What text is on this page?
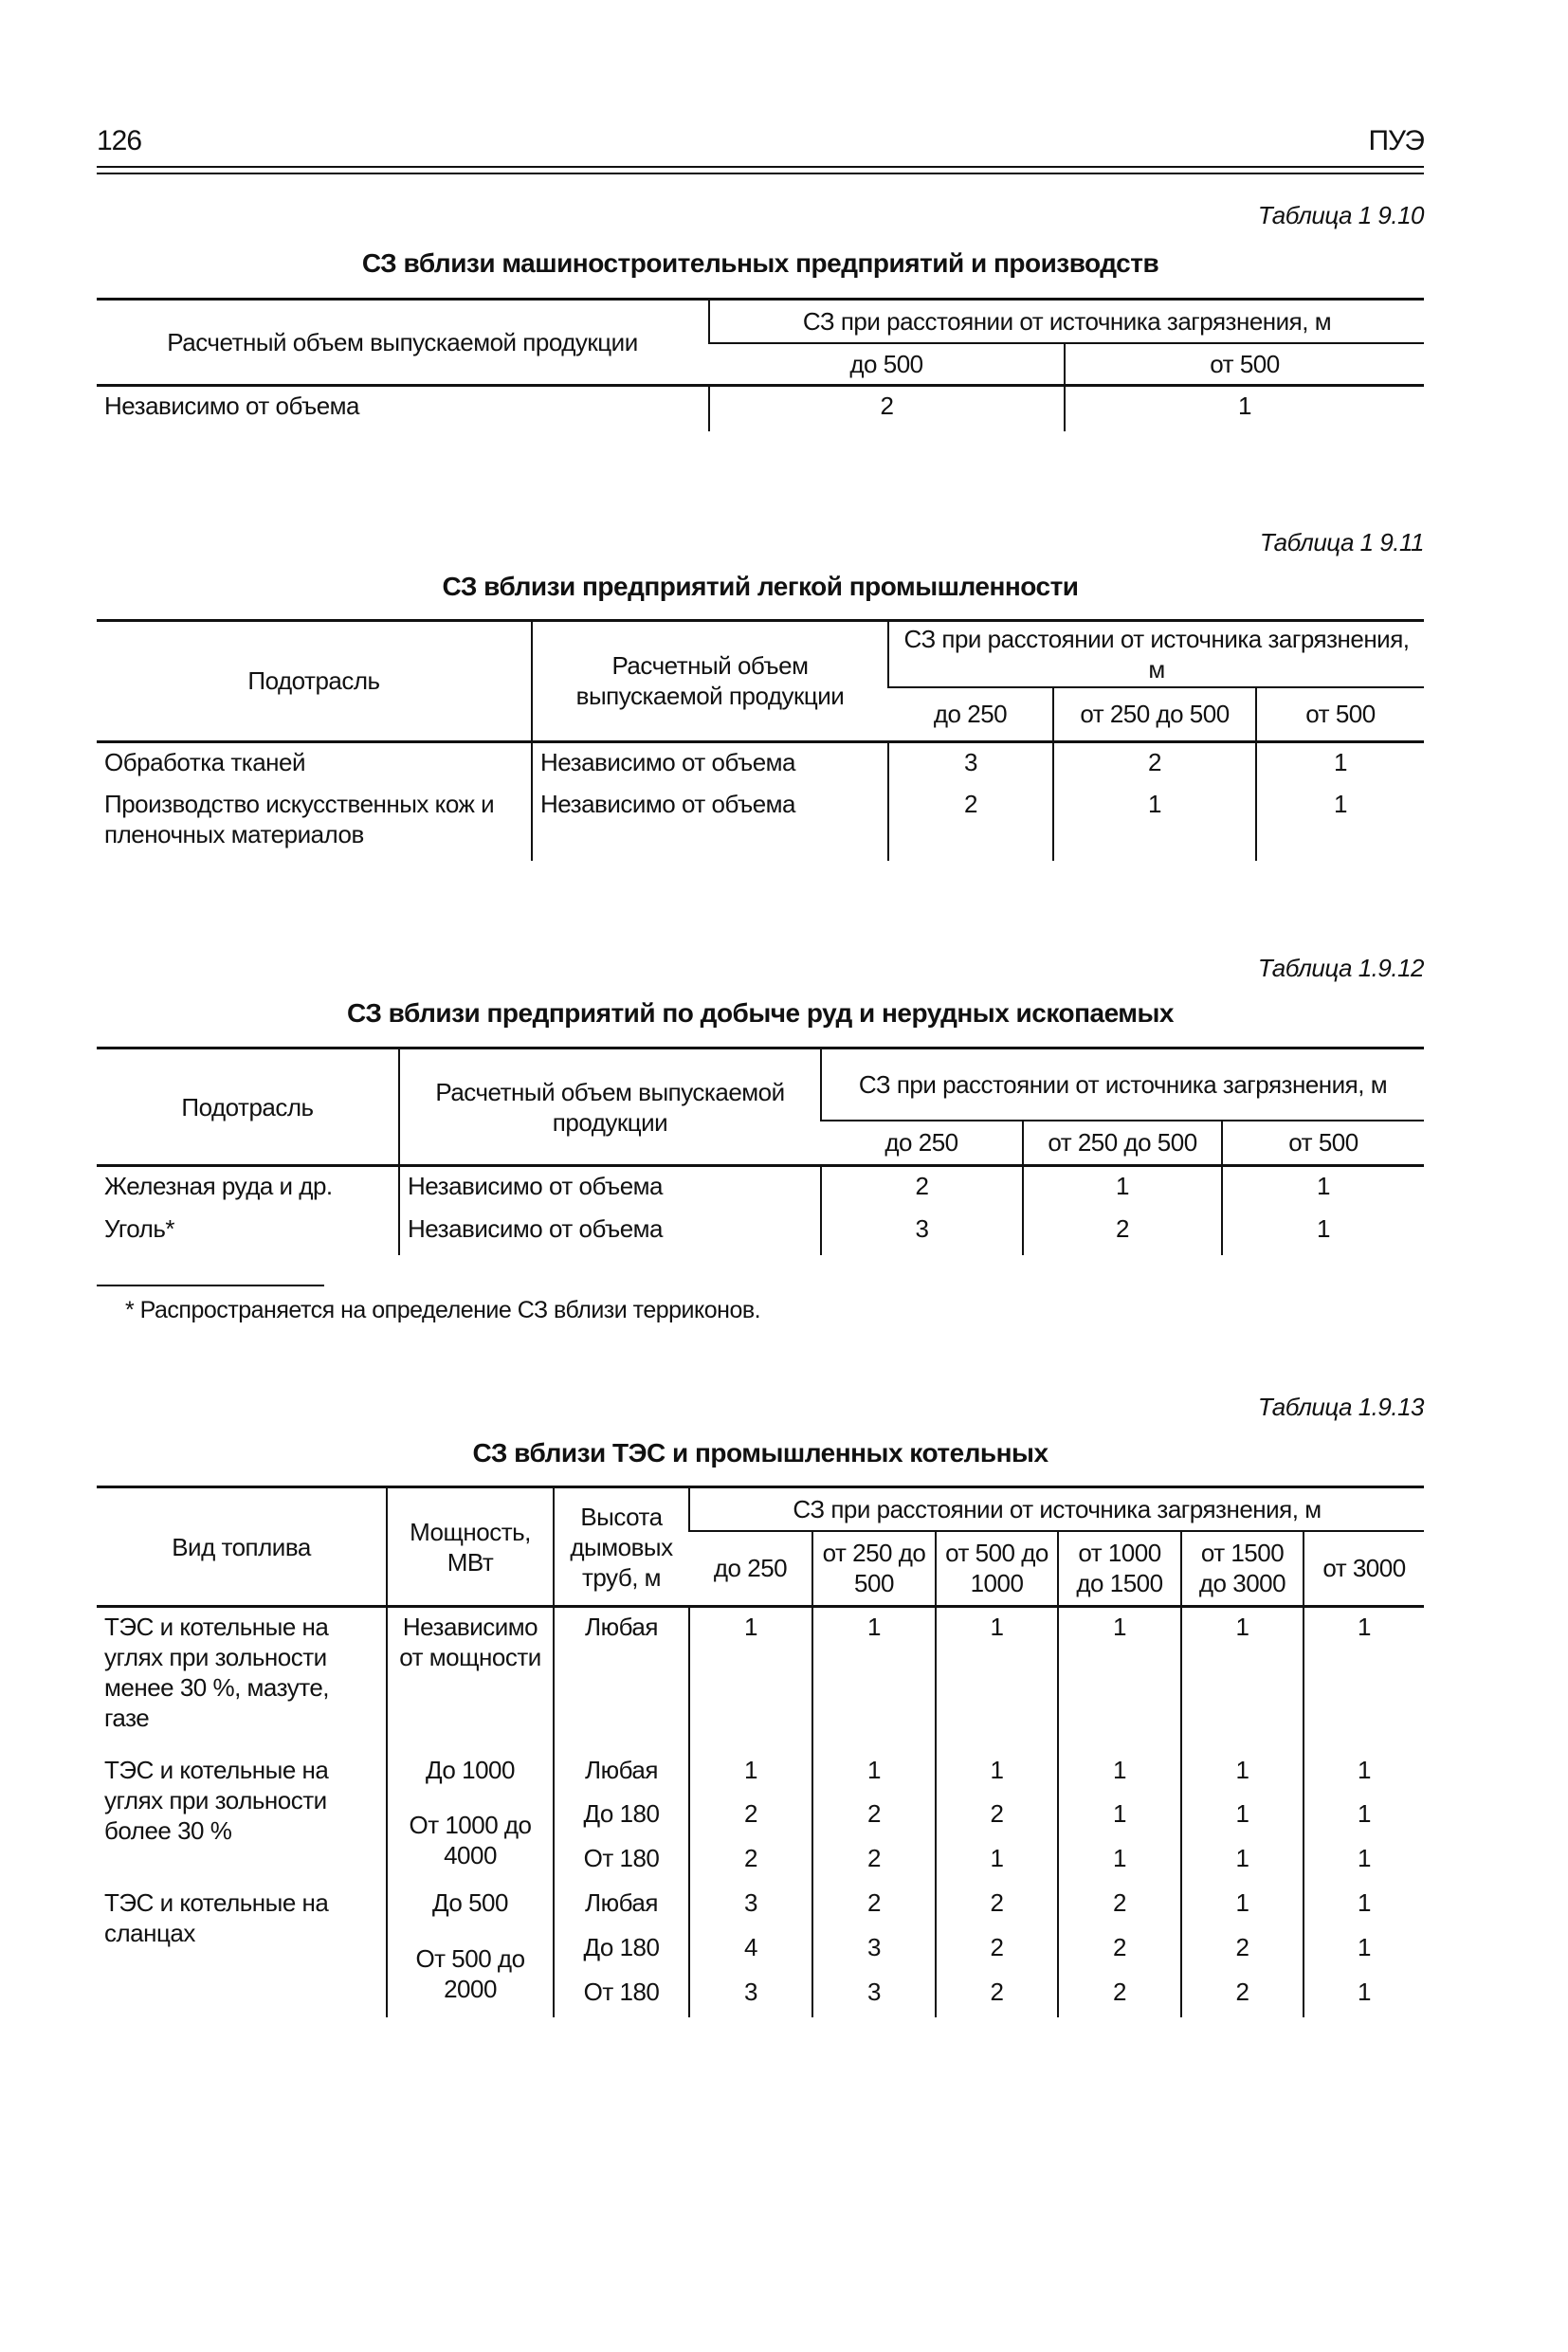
126	ПУЭ
Таблица 1 9.10
СЗ вблизи машиностроительных предприятий и производств
Расчетный объем выпускаемой продукции	СЗ при расстоянии от источника загрязнения, м	
	до 500	от 500
Независимо от объема	2	1
Таблица 1 9.11
СЗ вблизи предприятий легкой промышленности
Подотрасль	Расчетный объем выпускаемой продукции	СЗ при расстоянии от источника загрязнения, м		
		до 250	от 250 до 500	от 500
Обработка тканей	Независимо от объема	3	2	1
Производство искусственных кож и пленочных материалов	Независимо от объема	2	1	1
Таблица 1.9.12
СЗ вблизи предприятий по добыче руд и нерудных ископаемых
Подотрасль	Расчетный объем выпускаемой продукции	СЗ при расстоянии от источника загрязнения, м		
		до 250	от 250 до 500	от 500
Железная руда и др.	Независимо от объема	2	1	1
Уголь*	Независимо от объема	3	2	1
* Распространяется на определение СЗ вблизи терриконов.
Таблица 1.9.13
СЗ вблизи ТЭС и промышленных котельных
Вид топлива	Мощность, МВт	Высота дымовых труб, м	СЗ при расстоянии от источника загрязнения, м					
			до 250	от 250 до 500	от 500 до 1000	от 1000 до 1500	от 1500 до 3000	от 3000
ТЭС и котельные на углях при зольности менее 30 %, мазуте, газе	Независимо от мощности	Любая	1	1	1	1	1	1
ТЭС и котельные на углях при зольности более 30 %	До 1000	Любая	1	1	1	1	1	1
	От 1000 до 4000	До 180	2	2	2	1	1	1
		От 180	2	2	1	1	1	1
ТЭС и котельные на сланцах	До 500	Любая	3	2	2	2	1	1
	От 500 до 2000	До 180	4	3	2	2	2	1
		От 180	3	3	2	2	2	1
